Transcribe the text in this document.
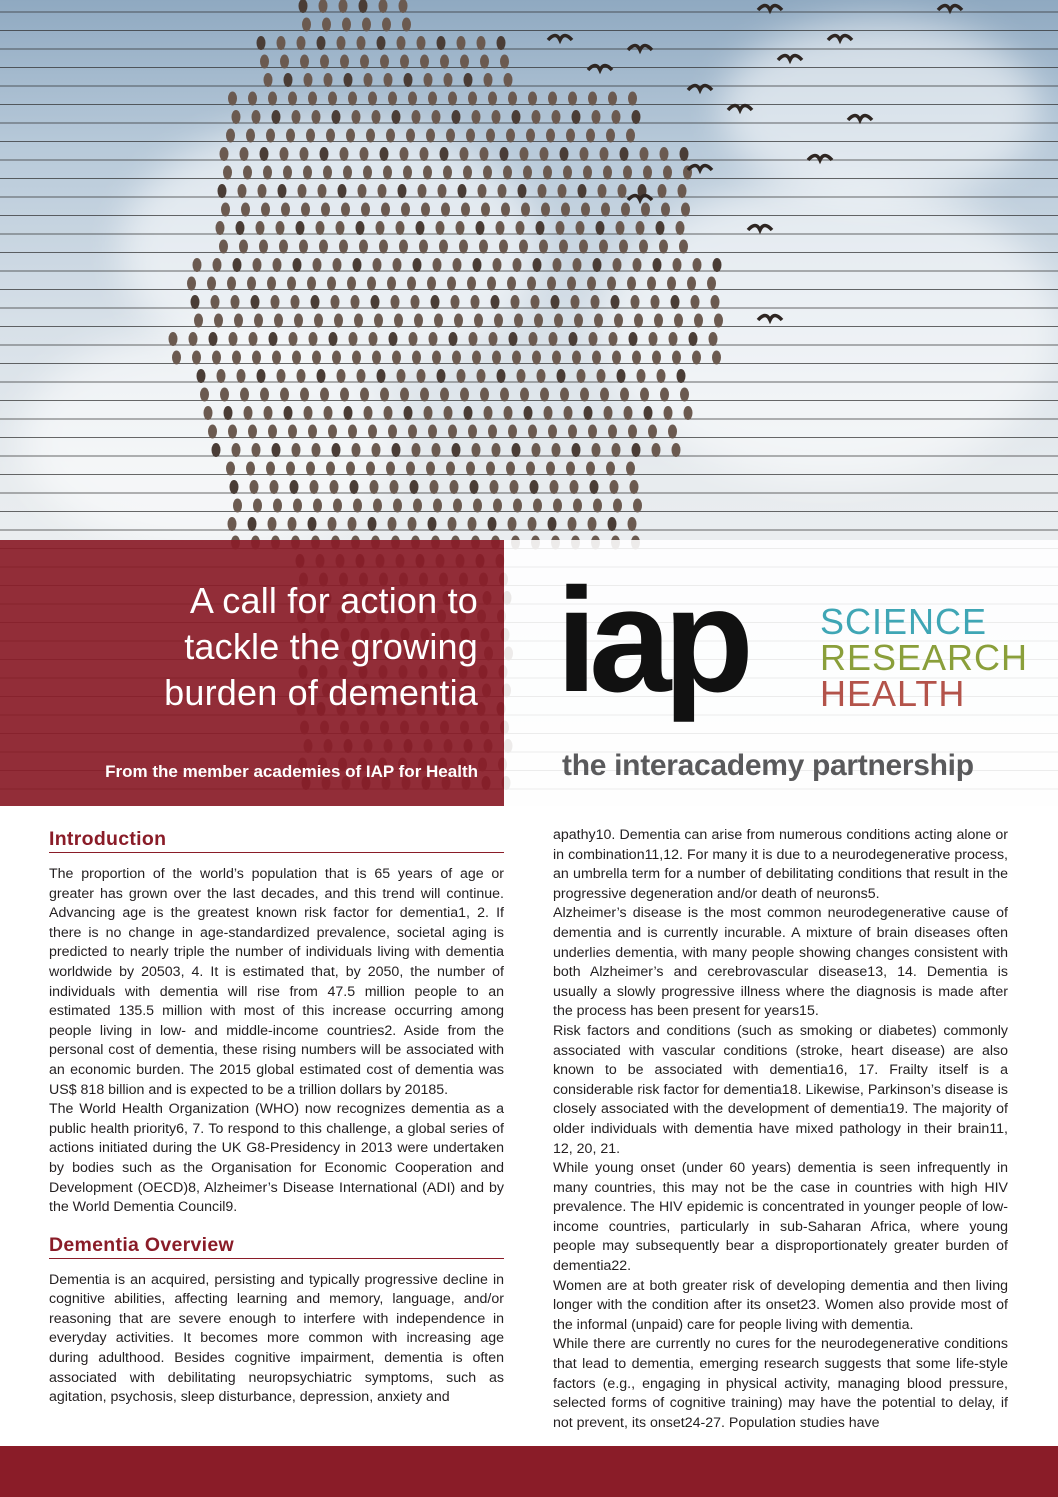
A call for action to
tackle the growing
burden of dementia
From the member academies of IAP for Health
iap SCIENCE
RESEARCH
HEALTH
the interacademy partnership
Introduction

The proportion of the world’s population that is 65 years of age or greater has grown over the last decades, and this trend will continue. Advancing age is the greatest known risk factor for dementia1, 2. If there is no change in age-standardized prevalence, societal aging is predicted to nearly triple the number of individuals living with dementia worldwide by 20503, 4. It is estimated that, by 2050, the number of individuals with dementia will rise from 47.5 million people to an estimated 135.5 million with most of this increase occurring among people living in low- and middle-income countries2. Aside from the personal cost of dementia, these rising numbers will be associated with an economic burden. The 2015 global estimated cost of dementia was US$ 818 billion and is expected to be a trillion dollars by 20185.

The World Health Organization (WHO) now recognizes dementia as a public health priority6, 7. To respond to this challenge, a global series of actions initiated during the UK G8-Presidency in 2013 were undertaken by bodies such as the Organisation for Economic Cooperation and Development (OECD)8, Alzheimer’s Disease International (ADI) and by the World Dementia Council9.

Dementia Overview

Dementia is an acquired, persisting and typically progressive decline in cognitive abilities, affecting learning and memory, language, and/or reasoning that are severe enough to interfere with independence in everyday activities. It becomes more common with increasing age during adulthood. Besides cognitive impairment, dementia is often associated with debilitating neuropsychiatric symptoms, such as agitation, psychosis, sleep disturbance, depression, anxiety and

apathy10. Dementia can arise from numerous conditions acting alone or in combination11,12. For many it is due to a neurodegenerative process, an umbrella term for a number of debilitating conditions that result in the progressive degeneration and/or death of neurons5.

Alzheimer’s disease is the most common neurodegenerative cause of dementia and is currently incurable. A mixture of brain diseases often underlies dementia, with many people showing changes consistent with both Alzheimer’s and cerebrovascular disease13, 14. Dementia is usually a slowly progressive illness where the diagnosis is made after the process has been present for years15.

Risk factors and conditions (such as smoking or diabetes) commonly associated with vascular conditions (stroke, heart disease) are also known to be associated with dementia16, 17. Frailty itself is a considerable risk factor for dementia18. Likewise, Parkinson’s disease is closely associated with the development of dementia19. The majority of older individuals with dementia have mixed pathology in their brain11, 12, 20, 21.

While young onset (under 60 years) dementia is seen infrequently in many countries, this may not be the case in countries with high HIV prevalence. The HIV epidemic is concentrated in younger people of low-income countries, particularly in sub-Saharan Africa, where young people may subsequently bear a disproportionately greater burden of dementia22.

Women are at both greater risk of developing dementia and then living longer with the condition after its onset23. Women also provide most of the informal (unpaid) care for people living with dementia.

While there are currently no cures for the neurodegenerative conditions that lead to dementia, emerging research suggests that some life-style factors (e.g., engaging in physical activity, managing blood pressure, selected forms of cognitive training) may have the potential to delay, if not prevent, its onset24-27. Population studies have
